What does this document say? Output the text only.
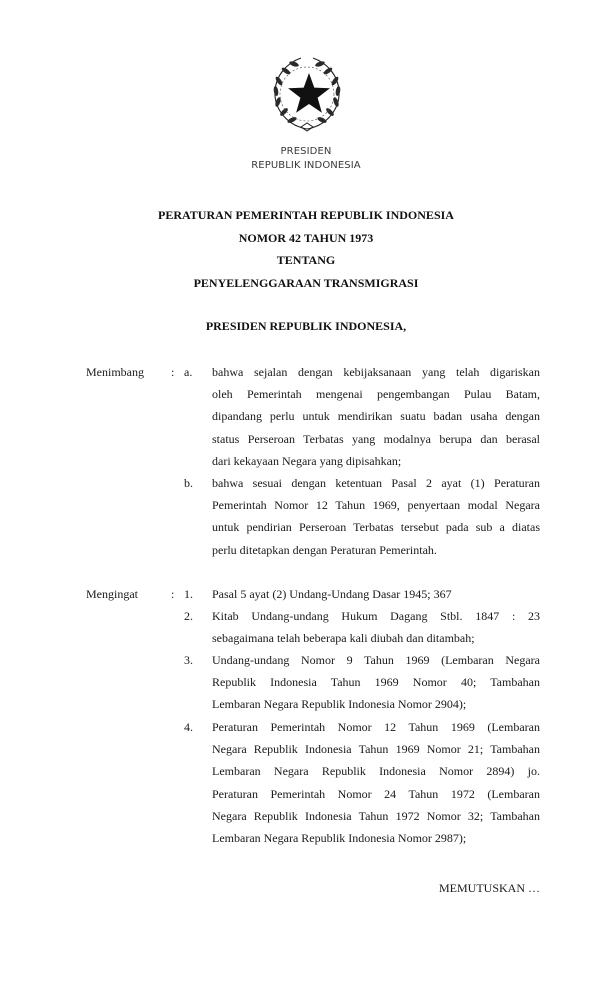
PRESIDEN
REPUBLIK INDONESIA
PERATURAN PEMERINTAH REPUBLIK INDONESIA
NOMOR 42 TAHUN 1973
TENTANG
PENYELENGGARAAN TRANSMIGRASI
PRESIDEN REPUBLIK INDONESIA,
Menimbang : a. bahwa sejalan dengan kebijaksanaan yang telah digariskan
oleh Pemerintah mengenai pengembangan Pulau Batam,
dipandang perlu untuk mendirikan suatu badan usaha dengan
status Perseroan Terbatas yang modalnya berupa dan berasal
dari kekayaan Negara yang dipisahkan;
b. bahwa sesuai dengan ketentuan Pasal 2 ayat (1) Peraturan
Pemerintah Nomor 12 Tahun 1969, penyertaan modal Negara
untuk pendirian Perseroan Terbatas tersebut pada sub a diatas
perlu ditetapkan dengan Peraturan Pemerintah.
Mengingat	: 1. Pasal 5 ayat (2) Undang-Undang Dasar 1945; 367
2. Kitab Undang-undang Hukum Dagang Stbl. 1847 : 23
sebagaimana telah beberapa kali diubah dan ditambah;
3. Undang-undang Nomor 9 Tahun 1969 (Lembaran Negara
Republik Indonesia Tahun 1969 Nomor 40; Tambahan
Lembaran Negara Republik Indonesia Nomor 2904);
4. Peraturan Pemerintah Nomor 12 Tahun 1969 (Lembaran
Negara Republik Indonesia Tahun 1969 Nomor 21; Tambahan
Lembaran Negara Republik Indonesia Nomor 2894) jo.
Peraturan Pemerintah Nomor 24 Tahun 1972 (Lembaran
Negara Republik Indonesia Tahun 1972 Nomor 32; Tambahan
Lembaran Negara Republik Indonesia Nomor 2987);
MEMUTUSKAN …
